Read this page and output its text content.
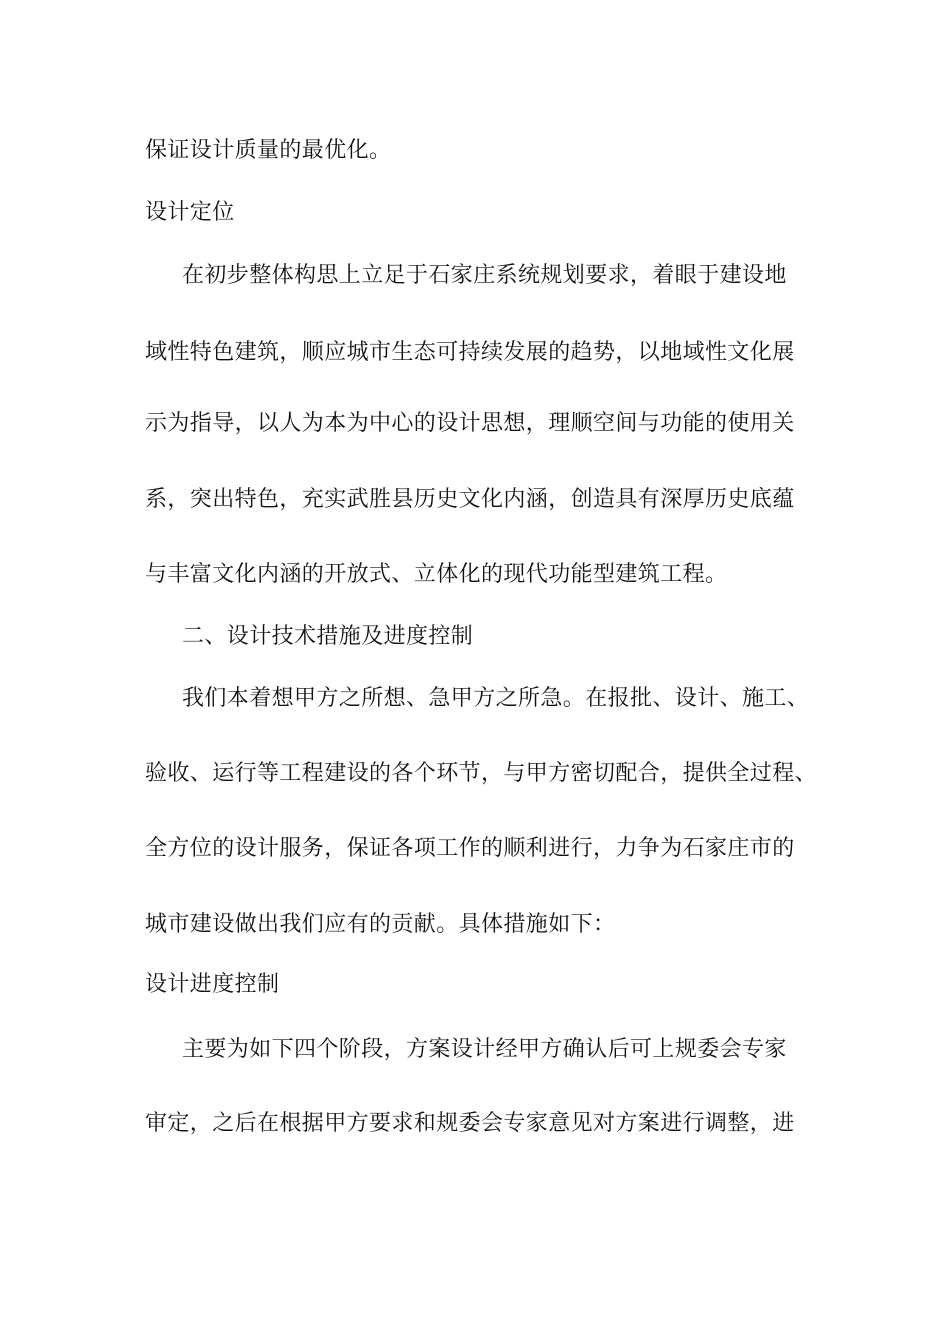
保证设计质量的最优化。
设计定位
在初步整体构思上立足于石家庄系统规划要求，着眼于建设地
域性特色建筑，顺应城市生态可持续发展的趋势，以地域性文化展
示为指导，以人为本为中心的设计思想，理顺空间与功能的使用关
系，突出特色，充实武胜县历史文化内涵，创造具有深厚历史底蕴
与丰富文化内涵的开放式、立体化的现代功能型建筑工程。
二、设计技术措施及进度控制
我们本着想甲方之所想、急甲方之所急。在报批、设计、施工、
验收、运行等工程建设的各个环节，与甲方密切配合，提供全过程、
全方位的设计服务，保证各项工作的顺利进行，力争为石家庄市的
城市建设做出我们应有的贡献。具体措施如下：
设计进度控制
主要为如下四个阶段，方案设计经甲方确认后可上规委会专家
审定，之后在根据甲方要求和规委会专家意见对方案进行调整，进
